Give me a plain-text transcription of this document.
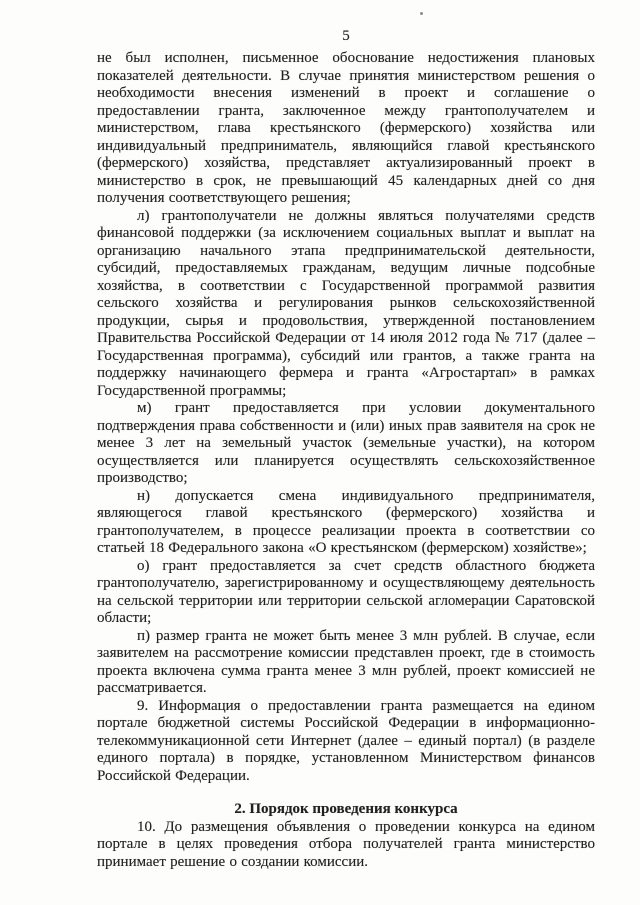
5

не был исполнен, письменное обоснование недостижения плановых показателей деятельности. В случае принятия министерством решения о необходимости внесения изменений в проект и соглашение о предоставлении гранта, заключенное между грантополучателем и министерством, глава крестьянского (фермерского) хозяйства или индивидуальный предприниматель, являющийся главой крестьянского (фермерского) хозяйства, представляет актуализированный проект в министерство в срок, не превышающий 45 календарных дней со дня получения соответствующего решения;

л) грантополучатели не должны являться получателями средств финансовой поддержки (за исключением социальных выплат и выплат на организацию начального этапа предпринимательской деятельности, субсидий, предоставляемых гражданам, ведущим личные подсобные хозяйства, в соответствии с Государственной программой развития сельского хозяйства и регулирования рынков сельскохозяйственной продукции, сырья и продовольствия, утвержденной постановлением Правительства Российской Федерации от 14 июля 2012 года № 717 (далее – Государственная программа), субсидий или грантов, а также гранта на поддержку начинающего фермера и гранта «Агростартап» в рамках Государственной программы;

м) грант предоставляется при условии документального подтверждения права собственности и (или) иных прав заявителя на срок не менее 3 лет на земельный участок (земельные участки), на котором осуществляется или планируется осуществлять сельскохозяйственное производство;

н) допускается смена индивидуального предпринимателя, являющегося главой крестьянского (фермерского) хозяйства и грантополучателем, в процессе реализации проекта в соответствии со статьей 18 Федерального закона «О крестьянском (фермерском) хозяйстве»;

о) грант предоставляется за счет средств областного бюджета грантополучателю, зарегистрированному и осуществляющему деятельность на сельской территории или территории сельской агломерации Саратовской области;

п) размер гранта не может быть менее 3 млн рублей. В случае, если заявителем на рассмотрение комиссии представлен проект, где в стоимость проекта включена сумма гранта менее 3 млн рублей, проект комиссией не рассматривается.

9. Информация о предоставлении гранта размещается на едином портале бюджетной системы Российской Федерации в информационно-телекоммуникационной сети Интернет (далее – единый портал) (в разделе единого портала) в порядке, установленном Министерством финансов Российской Федерации.

2. Порядок проведения конкурса

10. До размещения объявления о проведении конкурса на едином портале в целях проведения отбора получателей гранта министерство принимает решение о создании комиссии.
